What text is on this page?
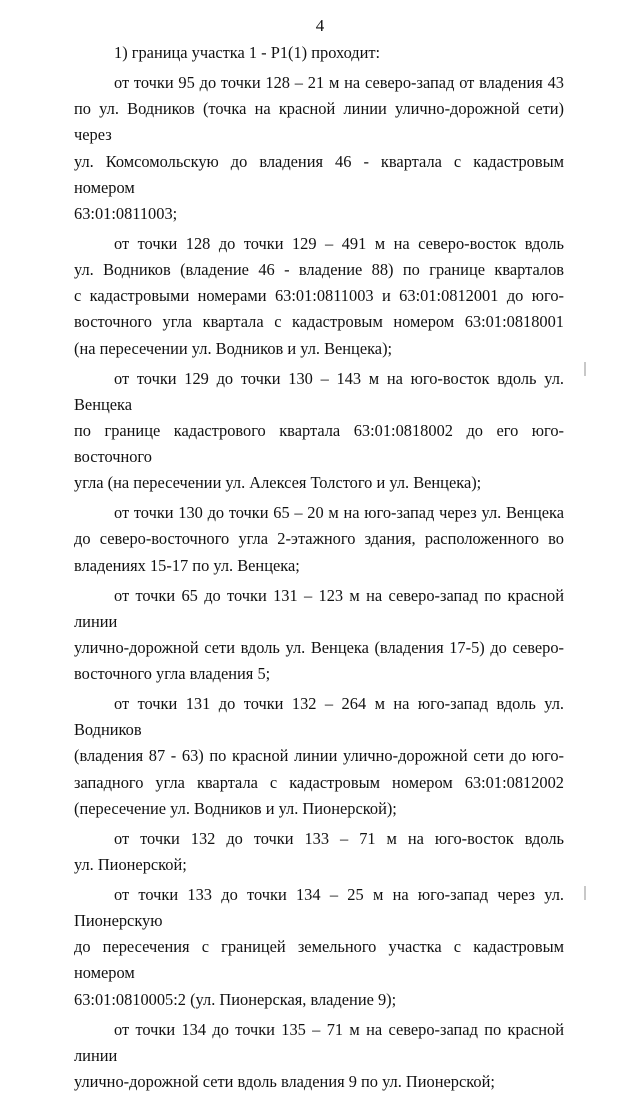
4

1) граница участка 1 - Р1(1) проходит:

от точки 95 до точки 128 – 21 м на северо-запад от владения 43
по ул. Водников (точка на красной линии улично-дорожной сети) через
ул. Комсомольскую до владения 46 - квартала с кадастровым номером
63:01:0811003;

от точки 128 до точки 129 – 491 м на северо-восток вдоль
ул. Водников (владение 46 - владение 88) по границе кварталов
с кадастровыми номерами 63:01:0811003 и 63:01:0812001 до юго-
восточного угла квартала с кадастровым номером 63:01:0818001
(на пересечении ул. Водников и ул. Венцека);

от точки 129 до точки 130 – 143 м на юго-восток вдоль ул. Венцека
по границе кадастрового квартала 63:01:0818002 до его юго-восточного
угла (на пересечении ул. Алексея Толстого и ул. Венцека);

от точки 130 до точки 65 – 20 м на юго-запад через ул. Венцека
до северо-восточного угла 2-этажного здания, расположенного во
владениях 15-17 по ул. Венцека;

от точки 65 до точки 131 – 123 м на северо-запад по красной линии
улично-дорожной сети вдоль ул. Венцека (владения 17-5) до северо-
восточного угла владения 5;

от точки 131 до точки 132 – 264 м на юго-запад вдоль ул. Водников
(владения 87 - 63) по красной линии улично-дорожной сети до юго-
западного угла квартала с кадастровым номером 63:01:0812002
(пересечение ул. Водников и ул. Пионерской);

от точки 132 до точки 133 – 71 м на юго-восток вдоль
ул. Пионерской;

от точки 133 до точки 134 – 25 м на юго-запад через ул. Пионерскую
до пересечения с границей земельного участка с кадастровым номером
63:01:0810005:2 (ул. Пионерская, владение 9);

от точки 134 до точки 135 – 71 м на северо-запад по красной линии
улично-дорожной сети вдоль владения 9 по ул. Пионерской;
